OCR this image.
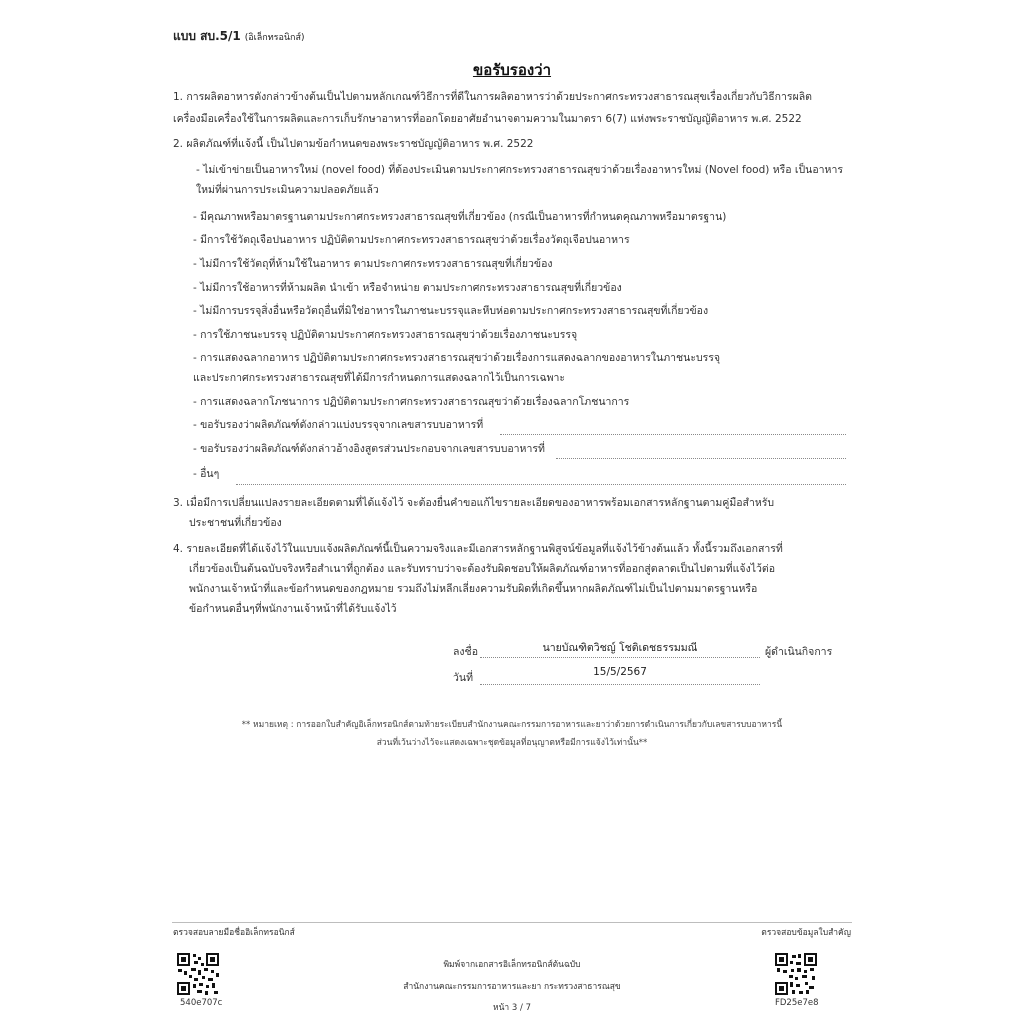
แบบ สบ.5/1 (อิเล็กทรอนิกส์)
ขอรับรองว่า
1. การผลิตอาหารดังกล่าวข้างต้นเป็นไปตามหลักเกณฑ์วิธีการที่ดีในการผลิตอาหารว่าด้วยประกาศกระทรวงสาธารณสุขเรื่องเกี่ยวกับวิธีการผลิต
เครื่องมือเครื่องใช้ในการผลิตและการเก็บรักษาอาหารที่ออกโดยอาศัยอำนาจตามความในมาตรา 6(7) แห่งพระราชบัญญัติอาหาร พ.ศ. 2522
2. ผลิตภัณฑ์ที่แจ้งนี้ เป็นไปตามข้อกำหนดของพระราชบัญญัติอาหาร พ.ศ. 2522
- ไม่เข้าข่ายเป็นอาหารใหม่ (novel food) ที่ต้องประเมินตามประกาศกระทรวงสาธารณสุขว่าด้วยเรื่องอาหารใหม่ (Novel food) หรือ เป็นอาหาร
ใหม่ที่ผ่านการประเมินความปลอดภัยแล้ว
- มีคุณภาพหรือมาตรฐานตามประกาศกระทรวงสาธารณสุขที่เกี่ยวข้อง (กรณีเป็นอาหารที่กำหนดคุณภาพหรือมาตรฐาน)
- มีการใช้วัตถุเจือปนอาหาร ปฏิบัติตามประกาศกระทรวงสาธารณสุขว่าด้วยเรื่องวัตถุเจือปนอาหาร
- ไม่มีการใช้วัตถุที่ห้ามใช้ในอาหาร ตามประกาศกระทรวงสาธารณสุขที่เกี่ยวข้อง
- ไม่มีการใช้อาหารที่ห้ามผลิต นำเข้า หรือจำหน่าย ตามประกาศกระทรวงสาธารณสุขที่เกี่ยวข้อง
- ไม่มีการบรรจุสิ่งอื่นหรือวัตถุอื่นที่มิใช่อาหารในภาชนะบรรจุและหีบห่อตามประกาศกระทรวงสาธารณสุขที่เกี่ยวข้อง
- การใช้ภาชนะบรรจุ ปฏิบัติตามประกาศกระทรวงสาธารณสุขว่าด้วยเรื่องภาชนะบรรจุ
- การแสดงฉลากอาหาร ปฏิบัติตามประกาศกระทรวงสาธารณสุขว่าด้วยเรื่องการแสดงฉลากของอาหารในภาชนะบรรจุ
และประกาศกระทรวงสาธารณสุขที่ได้มีการกำหนดการแสดงฉลากไว้เป็นการเฉพาะ
- การแสดงฉลากโภชนาการ ปฏิบัติตามประกาศกระทรวงสาธารณสุขว่าด้วยเรื่องฉลากโภชนาการ
- ขอรับรองว่าผลิตภัณฑ์ดังกล่าวแบ่งบรรจุจากเลขสารบบอาหารที่
- ขอรับรองว่าผลิตภัณฑ์ดังกล่าวอ้างอิงสูตรส่วนประกอบจากเลขสารบบอาหารที่
- อื่นๆ
3. เมื่อมีการเปลี่ยนแปลงรายละเอียดตามที่ได้แจ้งไว้ จะต้องยื่นคำขอแก้ไขรายละเอียดของอาหารพร้อมเอกสารหลักฐานตามคู่มือสำหรับ
ประชาชนที่เกี่ยวข้อง
4. รายละเอียดที่ได้แจ้งไว้ในแบบแจ้งผลิตภัณฑ์นี้เป็นความจริงและมีเอกสารหลักฐานพิสูจน์ข้อมูลที่แจ้งไว้ข้างต้นแล้ว ทั้งนี้รวมถึงเอกสารที่
เกี่ยวข้องเป็นต้นฉบับจริงหรือสำเนาที่ถูกต้อง และรับทราบว่าจะต้องรับผิดชอบให้ผลิตภัณฑ์อาหารที่ออกสู่ตลาดเป็นไปตามที่แจ้งไว้ต่อ
พนักงานเจ้าหน้าที่และข้อกำหนดของกฎหมาย รวมถึงไม่หลีกเลี่ยงความรับผิดที่เกิดขึ้นหากผลิตภัณฑ์ไม่เป็นไปตามมาตรฐานหรือ
ข้อกำหนดอื่นๆที่พนักงานเจ้าหน้าที่ได้รับแจ้งไว้
ลงชื่อ	นายบัณฑิตวิชญ์ โชติเดชธรรมมณี	ผู้ดำเนินกิจการ
วันที่	15/5/2567
** หมายเหตุ : การออกใบสำคัญอิเล็กทรอนิกส์ตามท้ายระเบียบสำนักงานคณะกรรมการอาหารและยาว่าด้วยการดำเนินการเกี่ยวกับเลขสารบบอาหารนี้
ส่วนที่เว้นว่างไว้จะแสดงเฉพาะชุดข้อมูลที่อนุญาตหรือมีการแจ้งไว้เท่านั้น**
ตรวจสอบลายมือชื่ออิเล็กทรอนิกส์	ตรวจสอบข้อมูลใบสำคัญ
540e707c	FD25e7e8
พิมพ์จากเอกสารอิเล็กทรอนิกส์ต้นฉบับ
สำนักงานคณะกรรมการอาหารและยา กระทรวงสาธารณสุข
หน้า 3 / 7
